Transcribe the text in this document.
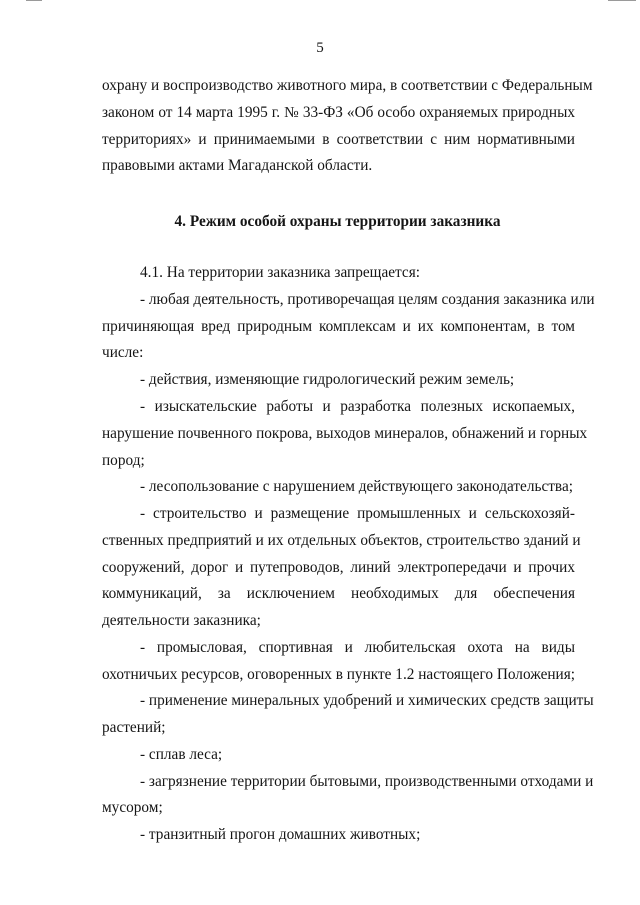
5
охрану и воспроизводство животного мира, в соответствии с Федеральным
законом от 14 марта 1995 г. № 33-ФЗ «Об особо охраняемых природных
территориях» и принимаемыми в соответствии с ним нормативными
правовыми актами Магаданской области.
4. Режим особой охраны территории заказника
4.1. На территории заказника запрещается:
- любая деятельность, противоречащая целям создания заказника или
причиняющая вред природным комплексам и их компонентам, в том
числе:
- действия, изменяющие гидрологический режим земель;
- изыскательские работы и разработка полезных ископаемых,
нарушение почвенного покрова, выходов минералов, обнажений и горных
пород;
- лесопользование с нарушением действующего законодательства;
- строительство и размещение промышленных и сельскохозяй-
ственных предприятий и их отдельных объектов, строительство зданий и
сооружений, дорог и путепроводов, линий электропередачи и прочих
коммуникаций, за исключением необходимых для обеспечения
деятельности заказника;
- промысловая, спортивная и любительская охота на виды
охотничьих ресурсов, оговоренных в пункте 1.2 настоящего Положения;
- применение минеральных удобрений и химических средств защиты
растений;
- сплав леса;
- загрязнение территории бытовыми, производственными отходами и
мусором;
- транзитный прогон домашних животных;
